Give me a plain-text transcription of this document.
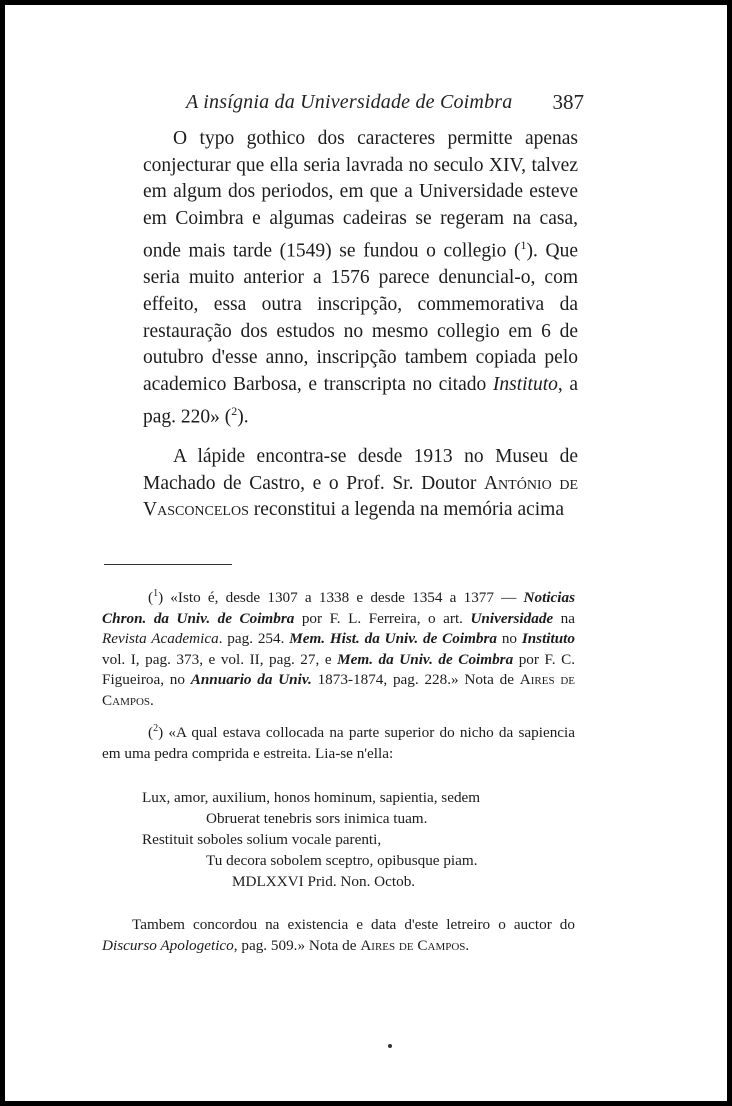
A insígnia da Universidade de Coimbra 387

O typo gothico dos caracteres permitte apenas conjecturar que ella seria lavrada no seculo XIV, talvez em algum dos periodos, em que a Universidade esteve em Coimbra e algumas cadeiras se regeram na casa, onde mais tarde (1549) se fundou o collegio ($^1$). Que seria muito anterior a 1576 parece denuncial-o, com effeito, essa outra inscripção, commemorativa da restauração dos estudos no mesmo collegio em 6 de outubro d'esse anno, inscripção tambem copiada pelo academico Barbosa, e transcripta no citado Instituto, a pag. 220» ($^2$).

A lápide encontra-se desde 1913 no Museu de Machado de Castro, e o Prof. Sr. Doutor António de Vasconcelos reconstitui a legenda na memória acima

($^1$) «Isto é, desde 1307 a 1338 e desde 1354 a 1377 — Noticias Chron. da Univ. de Coimbra por F. L. Ferreira, o art. Universidade na Revista Academica. pag. 254. Mem. Hist. da Univ. de Coimbra no Instituto vol. I, pag. 373, e vol. II, pag. 27, e Mem. da Univ. de Coimbra por F. C. Figueiroa, no Annuario da Univ. 1873-1874, pag. 228.» Nota de Aires de Campos.

($^2$) «A qual estava collocada na parte superior do nicho da sapiencia em uma pedra comprida e estreita. Lia-se n'ella:

Lux, amor, auxilium, honos hominum, sapientia, sedem
Obruerat tenebris sors inimica tuam.
Restituit soboles solium vocale parenti,
Tu decora sobolem sceptro, opibusque piam.
MDLXXVI Prid. Non. Octob.

Tambem concordou na existencia e data d'este letreiro o auctor do Discurso Apologetico, pag. 509.» Nota de Aires de Campos.
